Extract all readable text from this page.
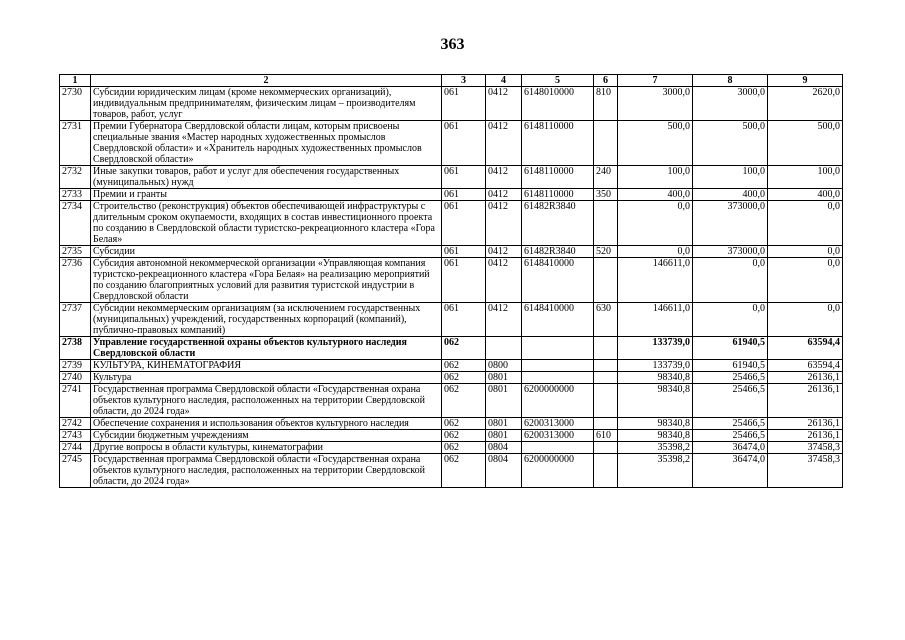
363
1	2	3	4	5	6	7	8	9
2730	Субсидии юридическим лицам (кроме некоммерческих организаций), индивидуальным предпринимателям, физическим лицам – производителям товаров, работ, услуг	061	0412	6148010000	810	3000,0	3000,0	2620,0
2731	Премии Губернатора Свердловской области лицам, которым присвоены специальные звания «Мастер народных художественных промыслов Свердловской области» и «Хранитель народных художественных промыслов Свердловской области»	061	0412	6148110000		500,0	500,0	500,0
2732	Иные закупки товаров, работ и услуг для обеспечения государственных (муниципальных) нужд	061	0412	6148110000	240	100,0	100,0	100,0
2733	Премии и гранты	061	0412	6148110000	350	400,0	400,0	400,0
2734	Строительство (реконструкция) объектов обеспечивающей инфраструктуры с длительным сроком окупаемости, входящих в состав инвестиционного проекта по созданию в Свердловской области туристско-рекреационного кластера «Гора Белая»	061	0412	61482R3840		0,0	373000,0	0,0
2735	Субсидии	061	0412	61482R3840	520	0,0	373000,0	0,0
2736	Субсидия автономной некоммерческой организации «Управляющая компания туристско-рекреационного кластера «Гора Белая» на реализацию мероприятий по созданию благоприятных условий для развития туристской индустрии в Свердловской области	061	0412	6148410000		146611,0	0,0	0,0
2737	Субсидии некоммерческим организациям (за исключением государственных (муниципальных) учреждений, государственных корпораций (компаний), публично-правовых компаний)	061	0412	6148410000	630	146611,0	0,0	0,0
2738	Управление государственной охраны объектов культурного наследия Свердловской области	062				133739,0	61940,5	63594,4
2739	КУЛЬТУРА, КИНЕМАТОГРАФИЯ	062	0800			133739,0	61940,5	63594,4
2740	Культура	062	0801			98340,8	25466,5	26136,1
2741	Государственная программа Свердловской области «Государственная охрана объектов культурного наследия, расположенных на территории Свердловской области, до 2024 года»	062	0801	6200000000		98340,8	25466,5	26136,1
2742	Обеспечение сохранения и использования объектов культурного наследия	062	0801	6200313000		98340,8	25466,5	26136,1
2743	Субсидии бюджетным учреждениям	062	0801	6200313000	610	98340,8	25466,5	26136,1
2744	Другие вопросы в области культуры, кинематографии	062	0804			35398,2	36474,0	37458,3
2745	Государственная программа Свердловской области «Государственная охрана объектов культурного наследия, расположенных на территории Свердловской области, до 2024 года»	062	0804	6200000000		35398,2	36474,0	37458,3
